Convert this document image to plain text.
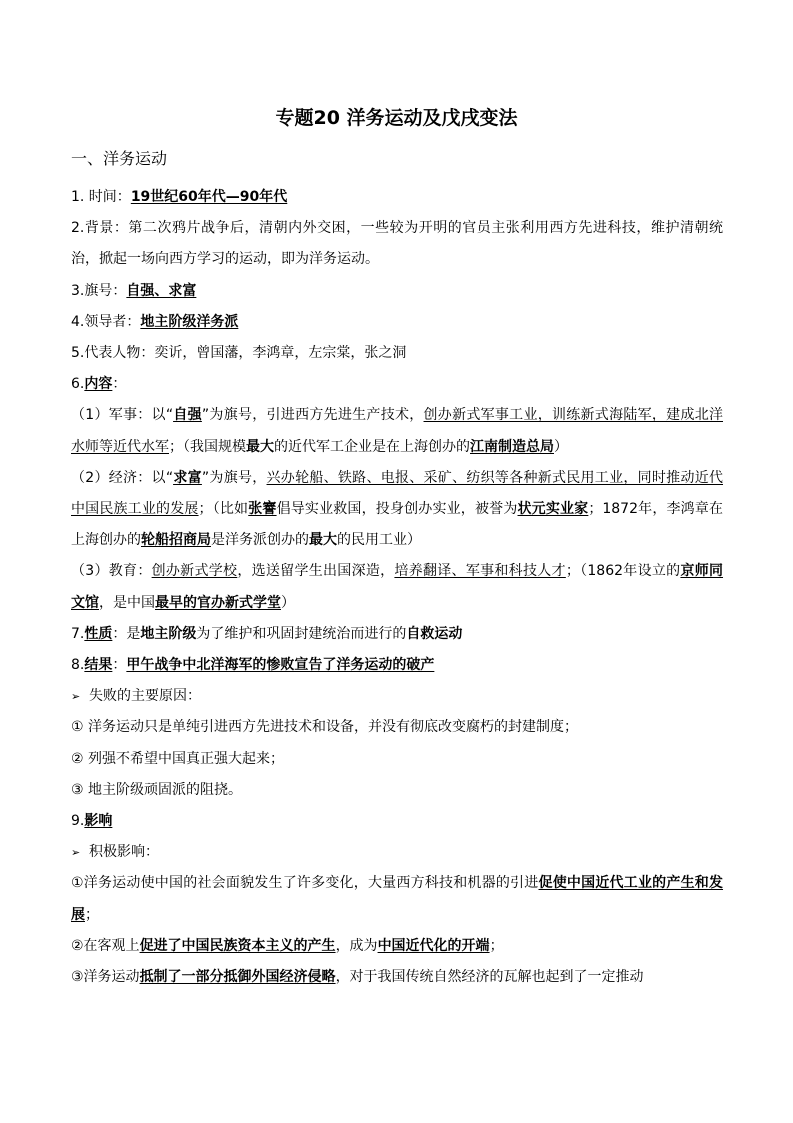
专题20 洋务运动及戊戌变法
一、洋务运动

1. 时间：19世纪60年代—90年代

2.背景：第二次鸦片战争后，清朝内外交困，一些较为开明的官员主张利用西方先进科技，维护清朝统治，掀起一场向西方学习的运动，即为洋务运动。

3.旗号：自强、求富

4.领导者：地主阶级洋务派

5.代表人物：奕䜣，曾国藩，李鸿章，左宗棠，张之洞

6.内容：

（1）军事：以“自强”为旗号，引进西方先进生产技术，创办新式军事工业，训练新式海陆军，建成北洋水师等近代水军；（我国规模最大的近代军工企业是在上海创办的江南制造总局）

（2）经济：以“求富”为旗号，兴办轮船、铁路、电报、采矿、纺织等各种新式民用工业，同时推动近代中国民族工业的发展；（比如张謇倡导实业救国，投身创办实业，被誉为状元实业家；1872年，李鸿章在上海创办的轮船招商局是洋务派创办的最大的民用工业）

（3）教育：创办新式学校，选送留学生出国深造，培养翻译、军事和科技人才；（1862年设立的京师同文馆，是中国最早的官办新式学堂）

7.性质：是地主阶级为了维护和巩固封建统治而进行的自救运动

8.结果：甲午战争中北洋海军的惨败宣告了洋务运动的破产

➢ 失败的主要原因：

① 洋务运动只是单纯引进西方先进技术和设备，并没有彻底改变腐朽的封建制度；

② 列强不希望中国真正强大起来；

③ 地主阶级顽固派的阻挠。

9.影响

➢ 积极影响：

①洋务运动使中国的社会面貌发生了许多变化，大量西方科技和机器的引进促使中国近代工业的产生和发展；

②在客观上促进了中国民族资本主义的产生，成为中国近代化的开端；

③洋务运动抵制了一部分抵御外国经济侵略，对于我国传统自然经济的瓦解也起到了一定推动
